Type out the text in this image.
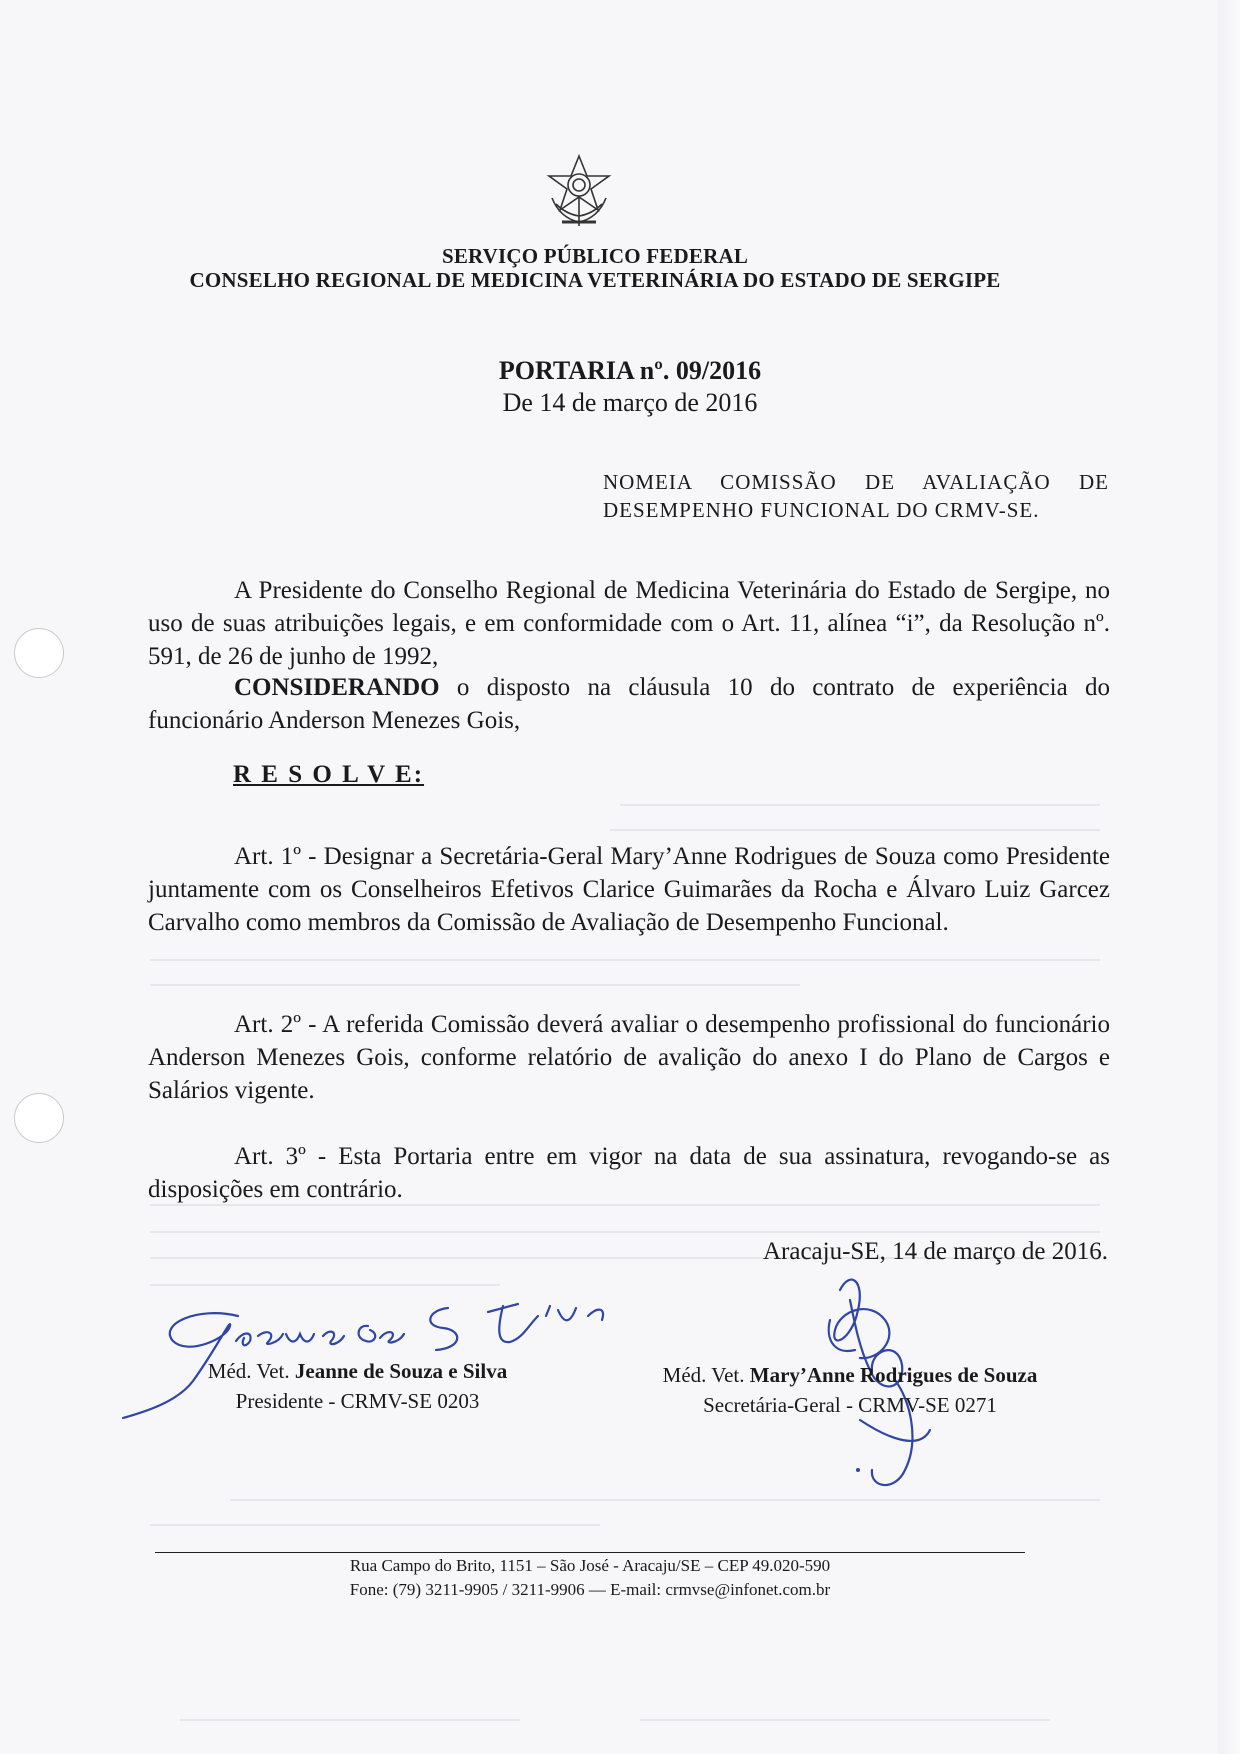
SERVIÇO PÚBLICO FEDERAL
CONSELHO REGIONAL DE MEDICINA VETERINÁRIA DO ESTADO DE SERGIPE
PORTARIA nº. 09/2016
De 14 de março de 2016
NOMEIA COMISSÃO DE AVALIAÇÃO DE DESEMPENHO FUNCIONAL DO CRMV-SE.
A Presidente do Conselho Regional de Medicina Veterinária do Estado de Sergipe, no uso de suas atribuições legais, e em conformidade com o Art. 11, alínea “i”, da Resolução nº. 591, de 26 de junho de 1992,
CONSIDERANDO o disposto na cláusula 10 do contrato de experiência do funcionário Anderson Menezes Gois,
R E S O L V E:
Art. 1º - Designar a Secretária-Geral Mary’Anne Rodrigues de Souza como Presidente juntamente com os Conselheiros Efetivos Clarice Guimarães da Rocha e Álvaro Luiz Garcez Carvalho como membros da Comissão de Avaliação de Desempenho Funcional.
Art. 2º - A referida Comissão deverá avaliar o desempenho profissional do funcionário Anderson Menezes Gois, conforme relatório de avalição do anexo I do Plano de Cargos e Salários vigente.
Art. 3º - Esta Portaria entre em vigor na data de sua assinatura, revogando-se as disposições em contrário.
Aracaju-SE, 14 de março de 2016.
Méd. Vet. Jeanne de Souza e Silva
Presidente - CRMV-SE 0203
Méd. Vet. Mary’Anne Rodrigues de Souza
Secretária-Geral - CRMV-SE 0271
Rua Campo do Brito, 1151 – São José - Aracaju/SE – CEP 49.020-590
Fone: (79) 3211-9905 / 3211-9906 — E-mail: crmvse@infonet.com.br
